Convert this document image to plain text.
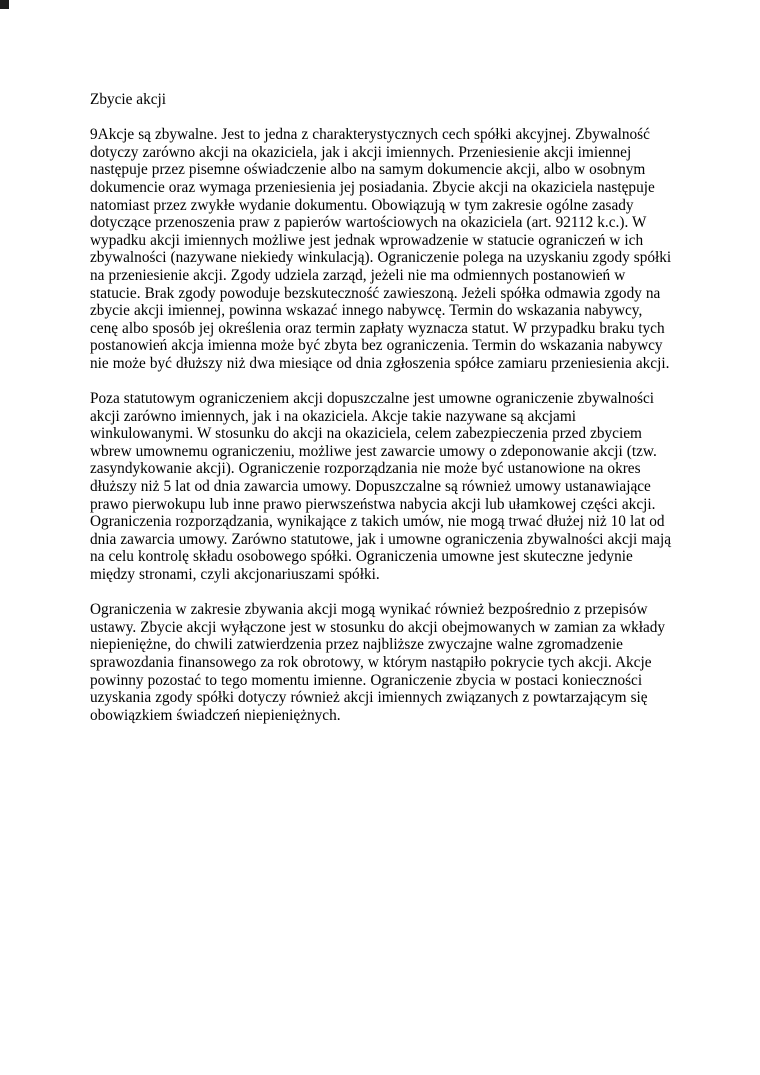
Zbycie akcji

9Akcje są zbywalne. Jest to jedna z charakterystycznych cech spółki akcyjnej. Zbywalność dotyczy zarówno akcji na okaziciela, jak i akcji imiennych. Przeniesienie akcji imiennej następuje przez pisemne oświadczenie albo na samym dokumencie akcji, albo w osobnym dokumencie oraz wymaga przeniesienia jej posiadania. Zbycie akcji na okaziciela następuje natomiast przez zwykłe wydanie dokumentu. Obowiązują w tym zakresie ogólne zasady dotyczące przenoszenia praw z papierów wartościowych na okaziciela (art. 92112 k.c.). W wypadku akcji imiennych możliwe jest jednak wprowadzenie w statucie ograniczeń w ich zbywalności (nazywane niekiedy winkulacją). Ograniczenie polega na uzyskaniu zgody spółki na przeniesienie akcji. Zgody udziela zarząd, jeżeli nie ma odmiennych postanowień w statucie. Brak zgody powoduje bezskuteczność zawieszoną. Jeżeli spółka odmawia zgody na zbycie akcji imiennej, powinna wskazać innego nabywcę. Termin do wskazania nabywcy, cenę albo sposób jej określenia oraz termin zapłaty wyznacza statut. W przypadku braku tych postanowień akcja imienna może być zbyta bez ograniczenia. Termin do wskazania nabywcy nie może być dłuższy niż dwa miesiące od dnia zgłoszenia spółce zamiaru przeniesienia akcji.

Poza statutowym ograniczeniem akcji dopuszczalne jest umowne ograniczenie zbywalności akcji zarówno imiennych, jak i na okaziciela. Akcje takie nazywane są akcjami winkulowanymi. W stosunku do akcji na okaziciela, celem zabezpieczenia przed zbyciem wbrew umownemu ograniczeniu, możliwe jest zawarcie umowy o zdeponowanie akcji (tzw. zasyndykowanie akcji). Ograniczenie rozporządzania nie może być ustanowione na okres dłuższy niż 5 lat od dnia zawarcia umowy. Dopuszczalne są również umowy ustanawiające prawo pierwokupu lub inne prawo pierwszeństwa nabycia akcji lub ułamkowej części akcji. Ograniczenia rozporządzania, wynikające z takich umów, nie mogą trwać dłużej niż 10 lat od dnia zawarcia umowy. Zarówno statutowe, jak i umowne ograniczenia zbywalności akcji mają na celu kontrolę składu osobowego spółki. Ograniczenia umowne jest skuteczne jedynie między stronami, czyli akcjonariuszami spółki.

Ograniczenia w zakresie zbywania akcji mogą wynikać również bezpośrednio z przepisów ustawy. Zbycie akcji wyłączone jest w stosunku do akcji obejmowanych w zamian za wkłady niepieniężne, do chwili zatwierdzenia przez najbliższe zwyczajne walne zgromadzenie sprawozdania finansowego za rok obrotowy, w którym nastąpiło pokrycie tych akcji. Akcje powinny pozostać to tego momentu imienne. Ograniczenie zbycia w postaci konieczności uzyskania zgody spółki dotyczy również akcji imiennych związanych z powtarzającym się obowiązkiem świadczeń niepieniężnych.
